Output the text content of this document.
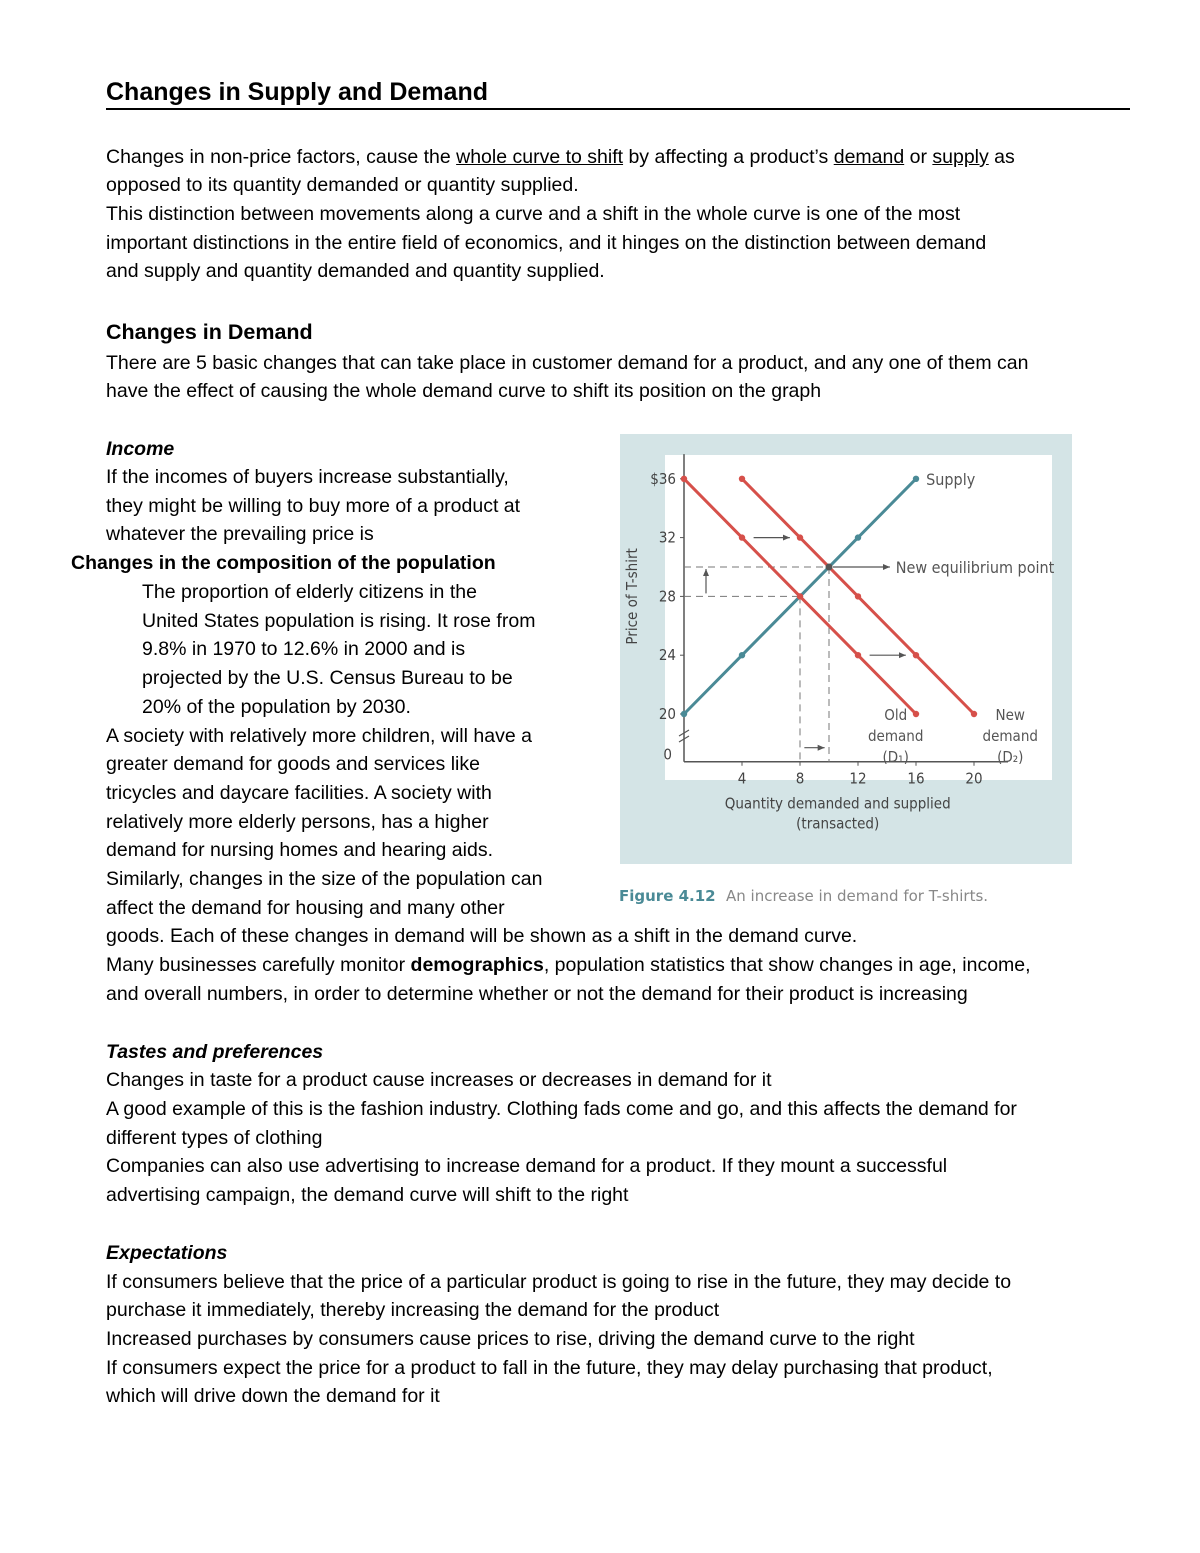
Changes in Supply and Demand
Changes in non-price factors, cause the whole curve to shift by affecting a product’s demand or supply as
opposed to its quantity demanded or quantity supplied.
This distinction between movements along a curve and a shift in the whole curve is one of the most
important distinctions in the entire field of economics, and it hinges on the distinction between demand
and supply and quantity demanded and quantity supplied.
Changes in Demand
There are 5 basic changes that can take place in customer demand for a product, and any one of them can
have the effect of causing the whole demand curve to shift its position on the graph
Income
If the incomes of buyers increase substantially,
they might be willing to buy more of a product at
whatever the prevailing price is
Changes in the composition of the population
The proportion of elderly citizens in the
United States population is rising. It rose from
9.8% in 1970 to 12.6% in 2000 and is
projected by the U.S. Census Bureau to be
20% of the population by 2030.
A society with relatively more children, will have a
greater demand for goods and services like
tricycles and daycare facilities. A society with
relatively more elderly persons, has a higher
demand for nursing homes and hearing aids.
Similarly, changes in the size of the population can
affect the demand for housing and many other
goods. Each of these changes in demand will be shown as a shift in the demand curve.
Many businesses carefully monitor demographics, population statistics that show changes in age, income,
and overall numbers, in order to determine whether or not the demand for their product is increasing
Tastes and preferences
Changes in taste for a product cause increases or decreases in demand for it
A good example of this is the fashion industry. Clothing fads come and go, and this affects the demand for
different types of clothing
Companies can also use advertising to increase demand for a product. If they mount a successful
advertising campaign, the demand curve will shift to the right
Expectations
If consumers believe that the price of a particular product is going to rise in the future, they may decide to
purchase it immediately, thereby increasing the demand for the product
Increased purchases by consumers cause prices to rise, driving the demand curve to the right
If consumers expect the price for a product to fall in the future, they may delay purchasing that product,
which will drive down the demand for it
$36
32
28
24
20
0
4	8	12	16	20
Quantity demanded and supplied
(transacted)
Price of T-shirt
Supply
New equilibrium point
Old
demand
(D₁)
New
demand
(D₂)
Figure 4.12 An increase in demand for T-shirts.
